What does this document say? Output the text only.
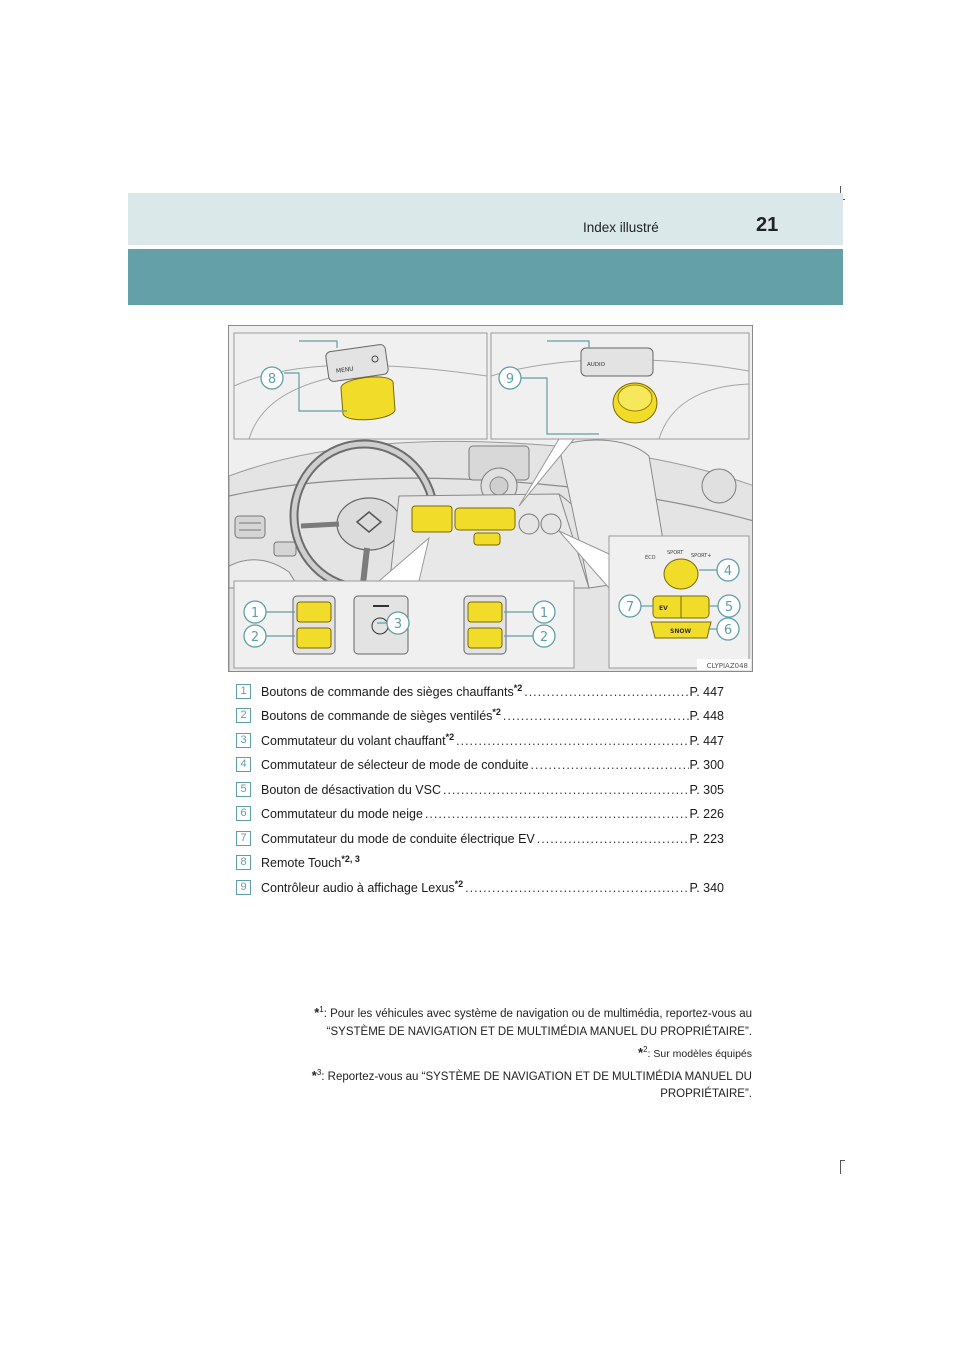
Index illustré	21
MENU
AUDIO
ECO
SPORT SPORT+
EV
SNOW
8	9
1
2
3
1
2
4
5
6
7
CLYPIAZ048
1	Boutons de commande des sièges chauffants$^{*2}$ .....	P. 447
2	Boutons de commande de sièges ventilés$^{*2}$ .....	P. 448
3	Commutateur du volant chauffant$^{*2}$ .....	P. 447
4	Commutateur de sélecteur de mode de conduite .....	P. 300
5	Bouton de désactivation du VSC .....	P. 305
6	Commutateur du mode neige .....	P. 226
7	Commutateur du mode de conduite électrique EV .....	P. 223
8	Remote Touch$^{*2, 3}$
9	Contrôleur audio à affichage Lexus$^{*2}$ .....	P. 340
*$^1$: Pour les véhicules avec système de navigation ou de multimédia, reportez-vous au
“SYSTÈME DE NAVIGATION ET DE MULTIMÉDIA MANUEL DU PROPRIÉTAIRE”.
*$^2$: Sur modèles équipés
*$^3$: Reportez-vous au “SYSTÈME DE NAVIGATION ET DE MULTIMÉDIA MANUEL DU
PROPRIÉTAIRE”.
